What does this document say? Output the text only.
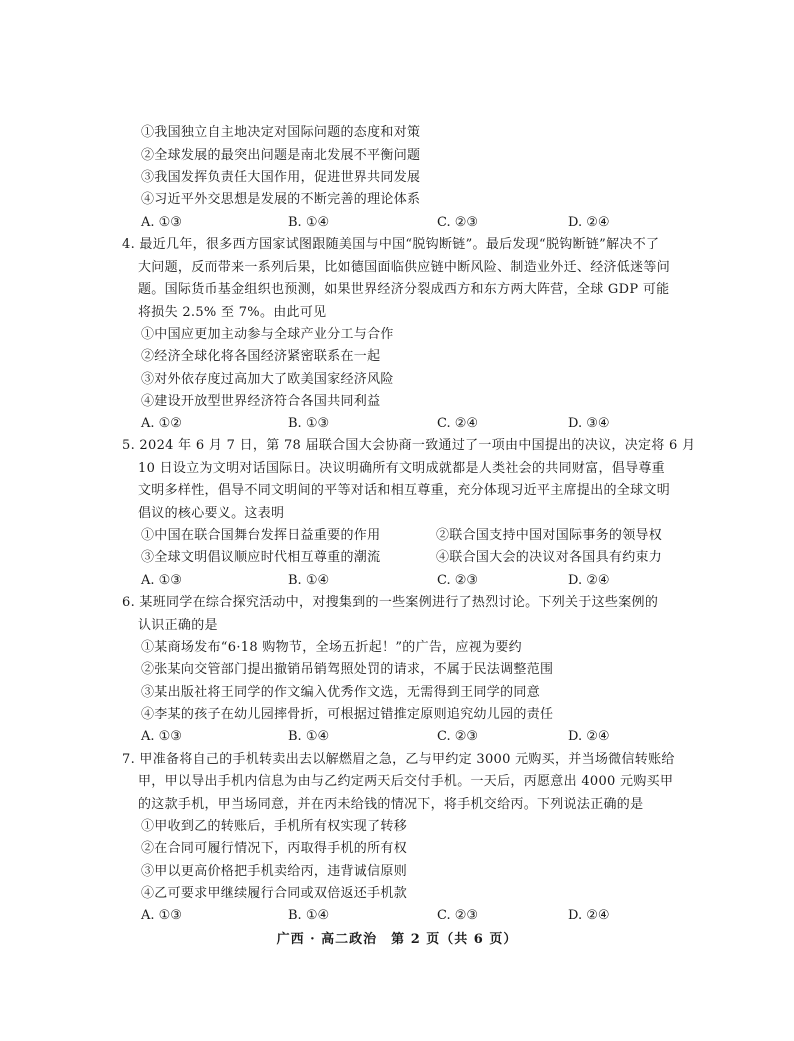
①我国独立自主地决定对国际问题的态度和对策
②全球发展的最突出问题是南北发展不平衡问题
③我国发挥负责任大国作用，促进世界共同发展
④习近平外交思想是发展的不断完善的理论体系
A. ①③	B. ①④	C. ②③	D. ②④
4. 最近几年，很多西方国家试图跟随美国与中国“脱钩断链”。最后发现“脱钩断链”解决不了
大问题，反而带来一系列后果，比如德国面临供应链中断风险、制造业外迁、经济低迷等问
题。国际货币基金组织也预测，如果世界经济分裂成西方和东方两大阵营，全球 GDP 可能
将损失 2.5% 至 7%。由此可见
①中国应更加主动参与全球产业分工与合作
②经济全球化将各国经济紧密联系在一起
③对外依存度过高加大了欧美国家经济风险
④建设开放型世界经济符合各国共同利益
A. ①②	B. ①③	C. ②④	D. ③④
5. 2024 年 6 月 7 日，第 78 届联合国大会协商一致通过了一项由中国提出的决议，决定将 6 月
10 日设立为文明对话国际日。决议明确所有文明成就都是人类社会的共同财富，倡导尊重
文明多样性，倡导不同文明间的平等对话和相互尊重，充分体现习近平主席提出的全球文明
倡议的核心要义。这表明
①中国在联合国舞台发挥日益重要的作用	②联合国支持中国对国际事务的领导权
③全球文明倡议顺应时代相互尊重的潮流	④联合国大会的决议对各国具有约束力
A. ①③	B. ①④	C. ②③	D. ②④
6. 某班同学在综合探究活动中，对搜集到的一些案例进行了热烈讨论。下列关于这些案例的
认识正确的是
①某商场发布“6·18 购物节，全场五折起！”的广告，应视为要约
②张某向交管部门提出撤销吊销驾照处罚的请求，不属于民法调整范围
③某出版社将王同学的作文编入优秀作文选，无需得到王同学的同意
④李某的孩子在幼儿园摔骨折，可根据过错推定原则追究幼儿园的责任
A. ①③	B. ①④	C. ②③	D. ②④
7. 甲准备将自己的手机转卖出去以解燃眉之急，乙与甲约定 3000 元购买，并当场微信转账给
甲，甲以导出手机内信息为由与乙约定两天后交付手机。一天后，丙愿意出 4000 元购买甲
的这款手机，甲当场同意，并在丙未给钱的情况下，将手机交给丙。下列说法正确的是
①甲收到乙的转账后，手机所有权实现了转移
②在合同可履行情况下，丙取得手机的所有权
③甲以更高价格把手机卖给丙，违背诚信原则
④乙可要求甲继续履行合同或双倍返还手机款
A. ①③	B. ①④	C. ②③	D. ②④
广西 · 高二政治　第 2 页（共 6 页）
